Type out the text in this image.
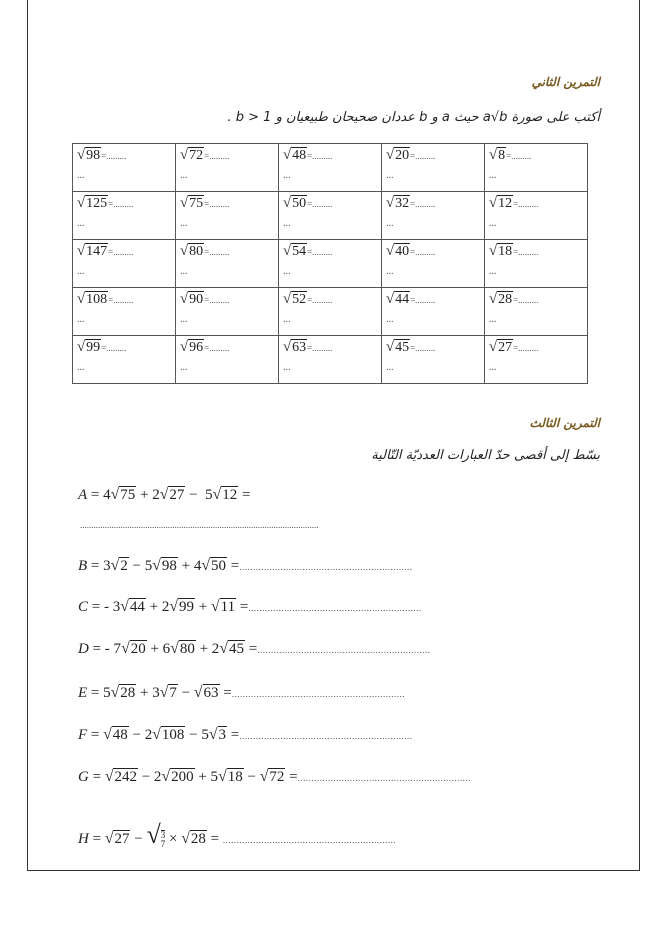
التمرين الثاني
أكتب على صورة a√b حيث a و b عددان صحيحان طبيعيان و b > 1 .
√98=.........
...	√72=.........
...	√48=.........
...	√20=.........
...	√8=.........
...

√125=.........
...	√75=.........
...	√50=.........
...	√32=.........
...	√12=.........
...

√147=.........
...	√80=.........
...	√54=.........
...	√40=.........
...	√18=.........
...

√108=.........
...	√90=.........
...	√52=.........
...	√44=.........
...	√28=.........
...

√99=.........
...	√96=.........
...	√63=.........
...	√45=.........
...	√27=.........
...
التمرين الثالث
بسّط إلى أقصى حدّ العبارات العدديّة التّالية
A = 4√75 + 2√27 −  5√12 =
B = 3√2 − 5√98 + 4√50 =...............................................................
C = - 3√44 + 2√99 + √11 =...............................................................
D = - 7√20 + 6√80 + 2√45 =...............................................................
E = 5√28 + 3√7 − √63 =...............................................................
F = √48 − 2√108 − 5√3 =...............................................................
G = √242 − 2√200 + 5√18 − √72 =...............................................................
H = √27 − √ 3
7 × √28 = ...............................................................
..........................................................................................................
